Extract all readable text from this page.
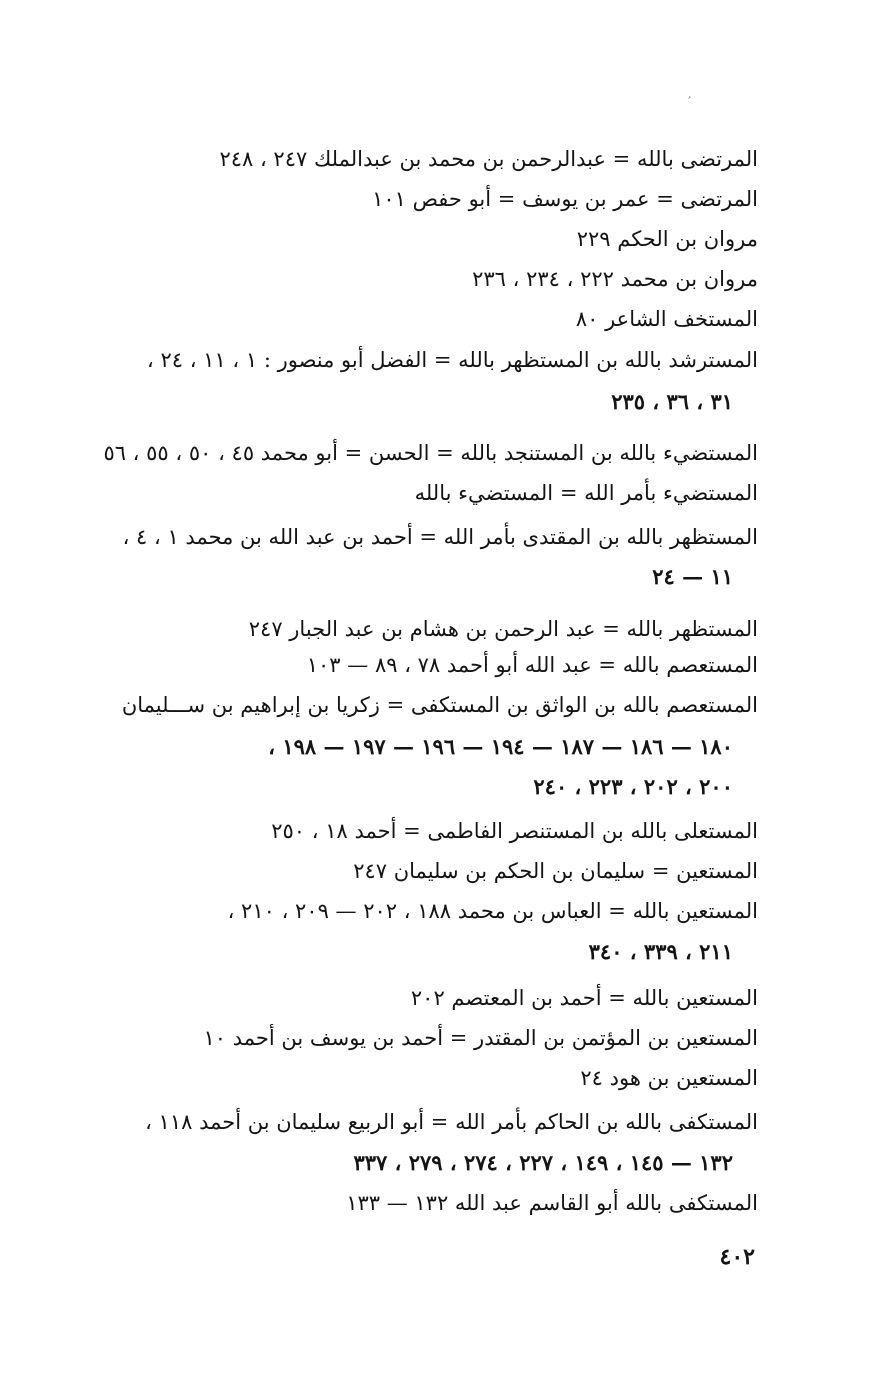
ﹸ
المرتضى بالله = عبدالرحمن بن محمد بن عبدالملك ٢٤٧ ، ٢٤٨
المرتضى = عمر بن يوسف = أبو حفص ١٠١
مروان بن الحكم ٢٢٩
مروان بن محمد ٢٢٢ ، ٢٣٤ ، ٢٣٦
المستخف الشاعر ٨٠
المسترشد بالله بن المستظهر بالله = الفضل أبو منصور : ١ ، ١١ ، ٢٤ ،
٣١ ، ٣٦ ، ٢٣٥
المستضيء بالله بن المستنجد بالله = الحسن = أبو محمد ٤٥ ، ٥٠ ، ٥٥ ، ٥٦
المستضيء بأمر الله = المستضيء بالله
المستظهر بالله بن المقتدى بأمر الله = أحمد بن عبد الله بن محمد ١ ، ٤ ،
١١ — ٢٤
المستظهر بالله = عبد الرحمن بن هشام بن عبد الجبار ٢٤٧
المستعصم بالله = عبد الله أبو أحمد ٧٨ ، ٨٩ — ١٠٣
المستعصم بالله بن الواثق بن المستكفى = زكريا بن إبراهيم بن ســـليمان
١٨٠ — ١٨٦ — ١٨٧ — ١٩٤ — ١٩٦ — ١٩٧ — ١٩٨ ،
٢٠٠ ، ٢٠٢ ، ٢٢٣ ، ٢٤٠
المستعلى بالله بن المستنصر الفاطمى = أحمد ١٨ ، ٢٥٠
المستعين = سليمان بن الحكم بن سليمان ٢٤٧
المستعين بالله = العباس بن محمد ١٨٨ ، ٢٠٢ — ٢٠٩ ، ٢١٠ ،
٢١١ ، ٣٣٩ ، ٣٤٠
المستعين بالله = أحمد بن المعتصم ٢٠٢
المستعين بن المؤتمن بن المقتدر = أحمد بن يوسف بن أحمد ١٠
المستعين بن هود ٢٤
المستكفى بالله بن الحاكم بأمر الله = أبو الربيع سليمان بن أحمد ١١٨ ،
١٣٢ — ١٤٥ ، ١٤٩ ، ٢٢٧ ، ٢٧٤ ، ٢٧٩ ، ٣٣٧
المستكفى بالله أبو القاسم عبد الله ١٣٢ — ١٣٣
٤٠٢
